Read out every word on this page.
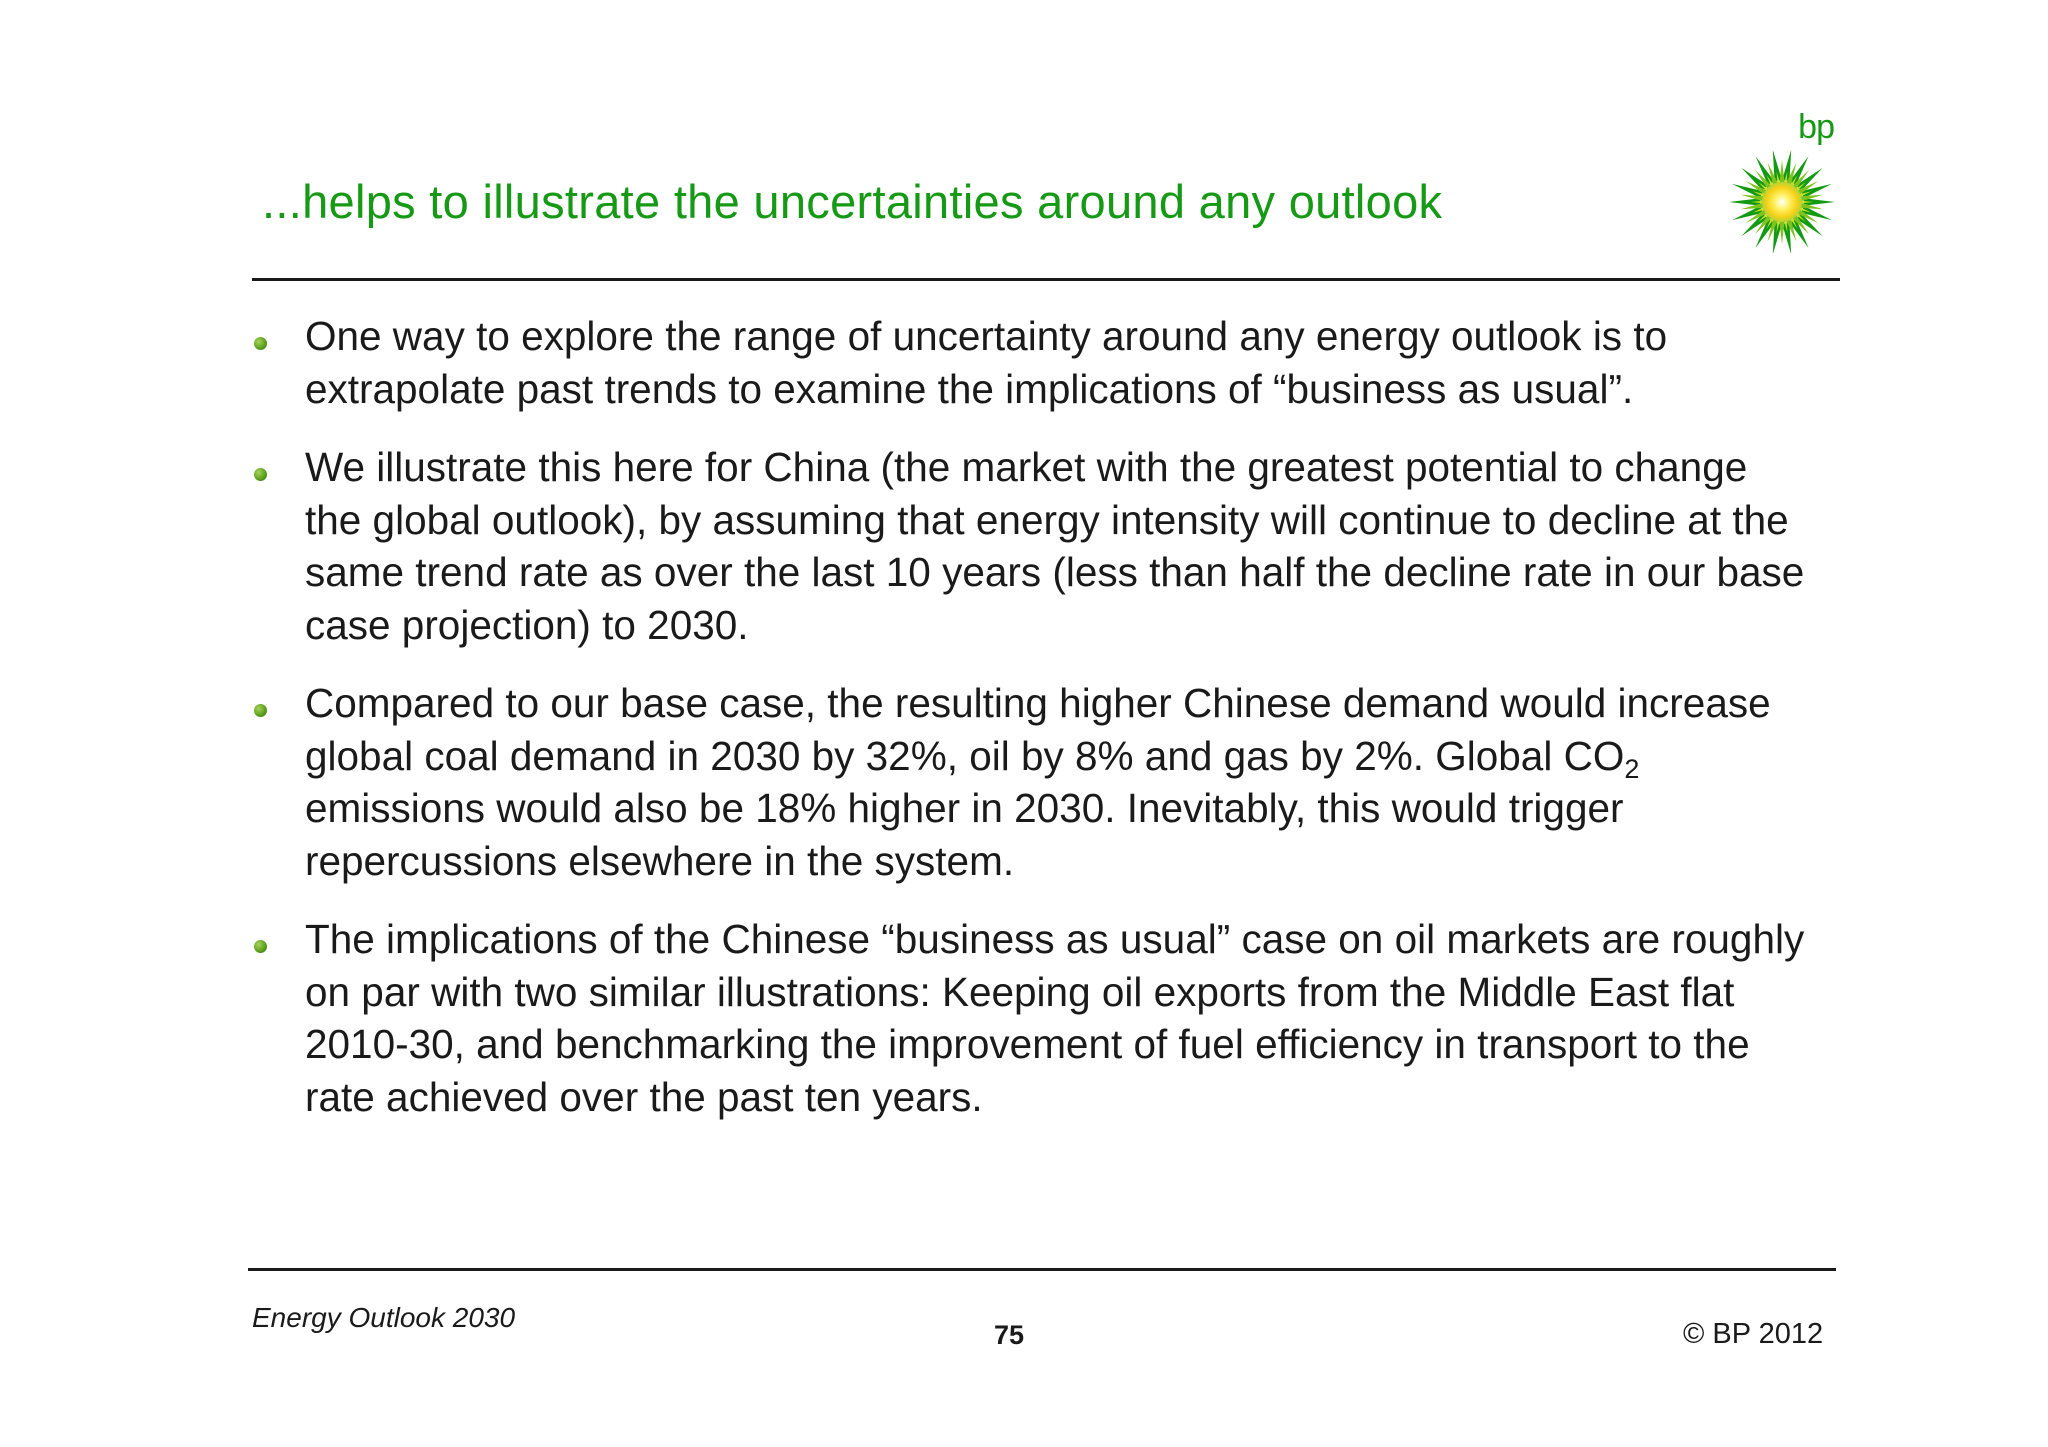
...helps to illustrate the uncertainties around any outlook
bp
One way to explore the range of uncertainty around any energy outlook is to extrapolate past trends to examine the implications of “business as usual”.
We illustrate this here for China (the market with the greatest potential to change the global outlook), by assuming that energy intensity will continue to decline at the same trend rate as over the last 10 years (less than half the decline rate in our base case projection) to 2030.
Compared to our base case, the resulting higher Chinese demand would increase global coal demand in 2030 by 32%, oil by 8% and gas by 2%. Global $CO_2$ emissions would also be 18% higher in 2030. Inevitably, this would trigger repercussions elsewhere in the system.
The implications of the Chinese “business as usual” case on oil markets are roughly on par with two similar illustrations: Keeping oil exports from the Middle East flat 2010-30, and benchmarking the improvement of fuel efficiency in transport to the rate achieved over the past ten years.
Energy Outlook 2030
75	© BP 2012
